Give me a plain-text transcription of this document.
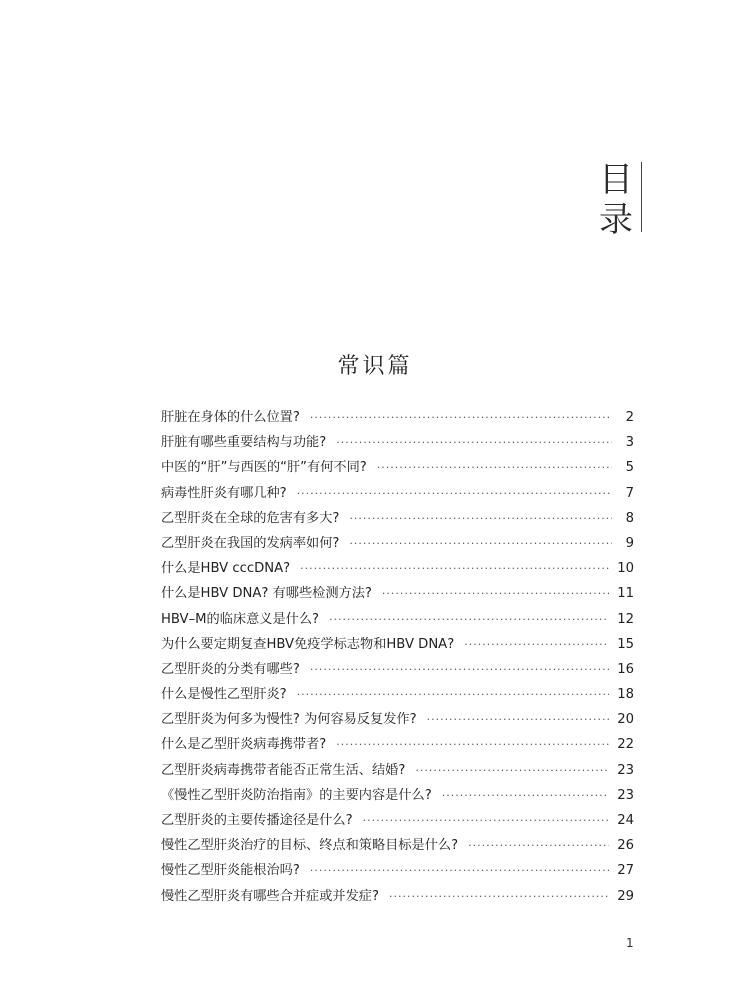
目
录
常识篇
肝脏在身体的什么位置? ·····	2
肝脏有哪些重要结构与功能? ·····	3
中医的“肝”与西医的“肝”有何不同? ·····	5
病毒性肝炎有哪几种? ·····	7
乙型肝炎在全球的危害有多大? ·····	8
乙型肝炎在我国的发病率如何? ·····	9
什么是HBV cccDNA? ·····	10
什么是HBV DNA? 有哪些检测方法? ·····	11
HBV–M的临床意义是什么? ·····	12
为什么要定期复查HBV免疫学标志物和HBV DNA? ·····	15
乙型肝炎的分类有哪些? ·····	16
什么是慢性乙型肝炎? ·····	18
乙型肝炎为何多为慢性? 为何容易反复发作? ·····	20
什么是乙型肝炎病毒携带者? ·····	22
乙型肝炎病毒携带者能否正常生活、结婚? ·····	23
《慢性乙型肝炎防治指南》的主要内容是什么? ·····	23
乙型肝炎的主要传播途径是什么? ·····	24
慢性乙型肝炎治疗的目标、终点和策略目标是什么? ·····	26
慢性乙型肝炎能根治吗? ·····	27
慢性乙型肝炎有哪些合并症或并发症? ·····	29
1
